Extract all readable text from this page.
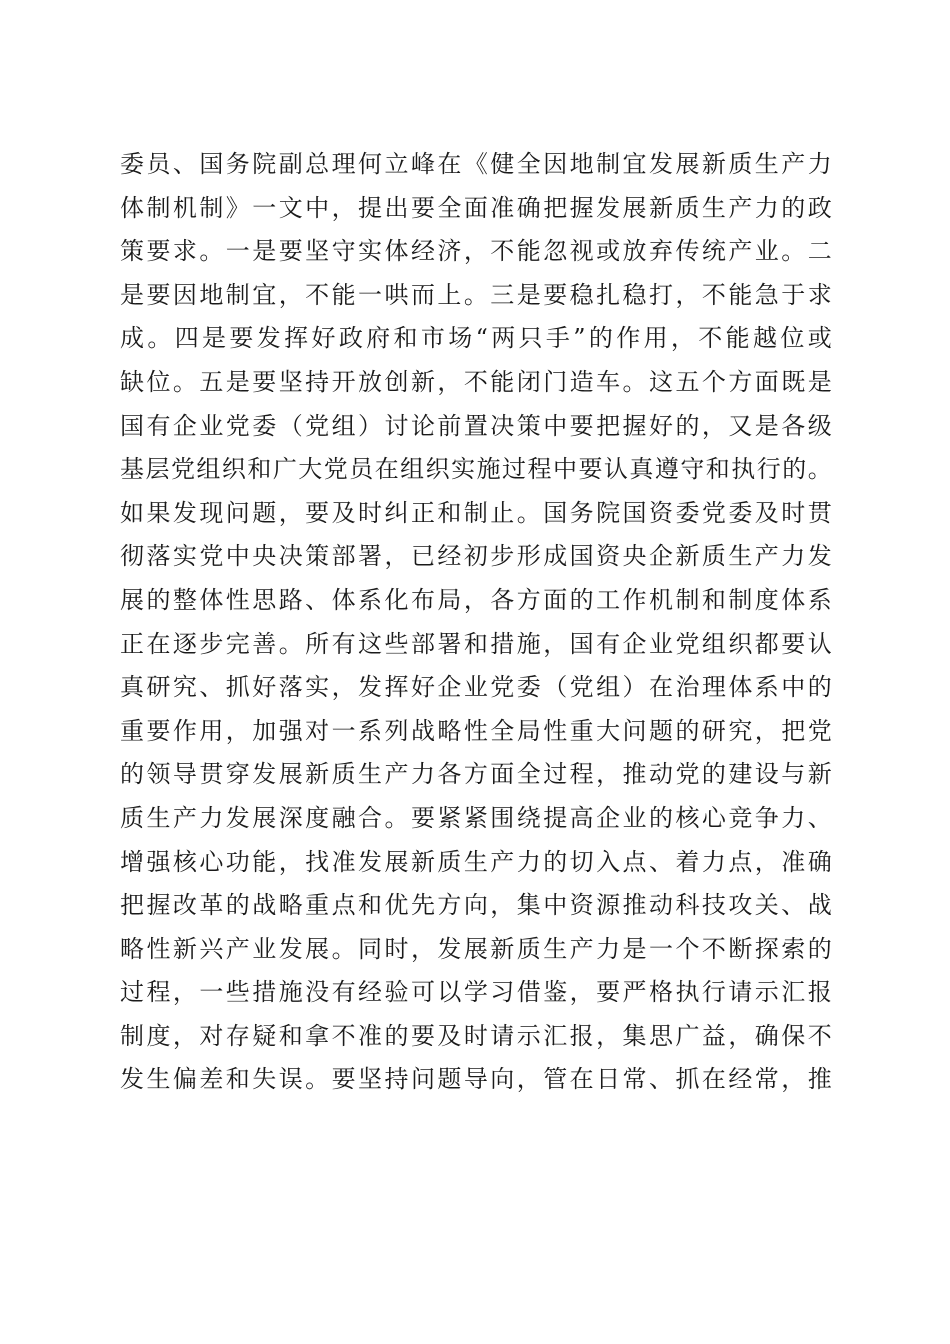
委员、国务院副总理何立峰在《健全因地制宜发展新质生产力
体制机制》一文中，提出要全面准确把握发展新质生产力的政
策要求。一是要坚守实体经济，不能忽视或放弃传统产业。二
是要因地制宜，不能一哄而上。三是要稳扎稳打，不能急于求
成。四是要发挥好政府和市场“两只手”的作用，不能越位或
缺位。五是要坚持开放创新，不能闭门造车。这五个方面既是
国有企业党委（党组）讨论前置决策中要把握好的，又是各级
基层党组织和广大党员在组织实施过程中要认真遵守和执行的。
如果发现问题，要及时纠正和制止。国务院国资委党委及时贯
彻落实党中央决策部署，已经初步形成国资央企新质生产力发
展的整体性思路、体系化布局，各方面的工作机制和制度体系
正在逐步完善。所有这些部署和措施，国有企业党组织都要认
真研究、抓好落实，发挥好企业党委（党组）在治理体系中的
重要作用，加强对一系列战略性全局性重大问题的研究，把党
的领导贯穿发展新质生产力各方面全过程，推动党的建设与新
质生产力发展深度融合。要紧紧围绕提高企业的核心竞争力、
增强核心功能，找准发展新质生产力的切入点、着力点，准确
把握改革的战略重点和优先方向，集中资源推动科技攻关、战
略性新兴产业发展。同时，发展新质生产力是一个不断探索的
过程，一些措施没有经验可以学习借鉴，要严格执行请示汇报
制度，对存疑和拿不准的要及时请示汇报，集思广益，确保不
发生偏差和失误。要坚持问题导向，管在日常、抓在经常，推
